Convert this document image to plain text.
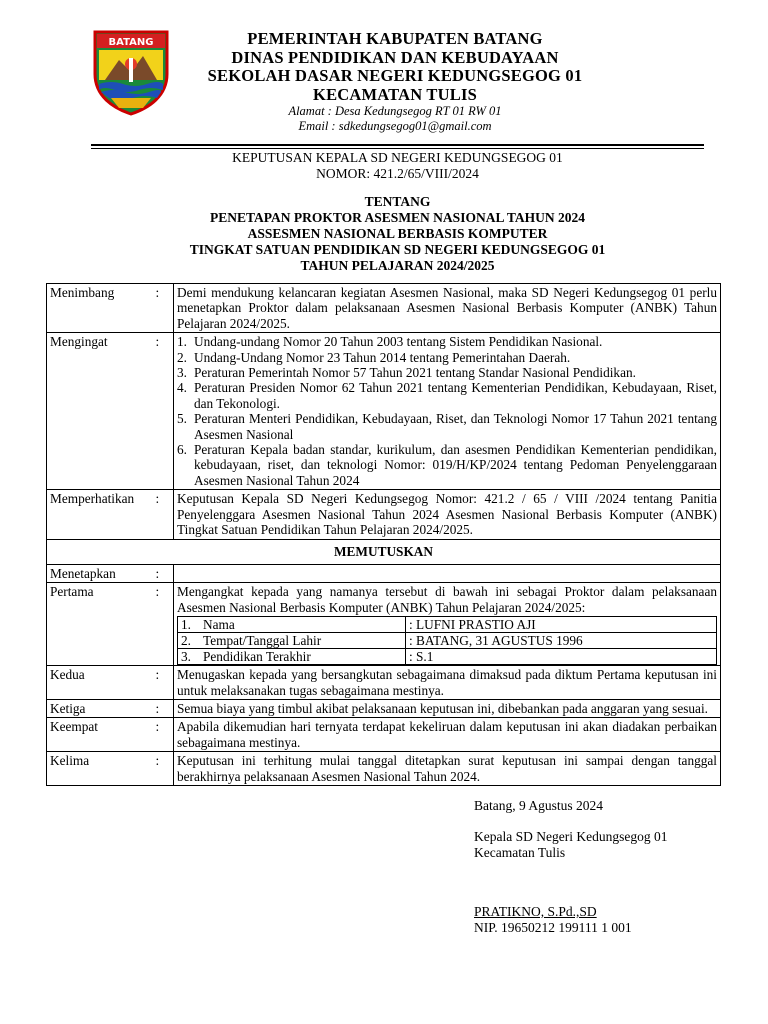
BATANG	PEMERINTAH KABUPATEN BATANG
DINAS PENDIDIKAN DAN KEBUDAYAAN
SEKOLAH DASAR NEGERI KEDUNGSEGOG 01
KECAMATAN TULIS
Alamat : Desa Kedungsegog RT 01 RW 01
Email : sdkedungsegog01@gmail.com
KEPUTUSAN KEPALA SD NEGERI KEDUNGSEGOG 01
NOMOR: 421.2/65/VIII/2024
TENTANG
PENETAPAN PROKTOR ASESMEN NASIONAL TAHUN 2024
ASSESMEN NASIONAL BERBASIS KOMPUTER
TINGKAT SATUAN PENDIDIKAN SD NEGERI KEDUNGSEGOG 01
TAHUN PELAJARAN 2024/2025
Menimbang	:	Demi mendukung kelancaran kegiatan Asesmen Nasional, maka SD Negeri Kedungsegog 01 perlu menetapkan Proktor dalam pelaksanaan Asesmen Nasional Berbasis Komputer (ANBK) Tahun Pelajaran 2024/2025.
Mengingat	:	1. Undang-undang Nomor 20 Tahun 2003 tentang Sistem Pendidikan Nasional.
2. Undang-Undang Nomor 23 Tahun 2014 tentang Pemerintahan Daerah.
3. Peraturan Pemerintah Nomor 57 Tahun 2021 tentang Standar Nasional Pendidikan.
4. Peraturan Presiden Nomor 62 Tahun 2021 tentang Kementerian Pendidikan, Kebudayaan, Riset, dan Tekonologi.
5. Peraturan Menteri Pendidikan, Kebudayaan, Riset, dan Teknologi Nomor 17 Tahun 2021 tentang Asesmen Nasional
6. Peraturan Kepala badan standar, kurikulum, dan asesmen Pendidikan Kementerian pendidikan, kebudayaan, riset, dan teknologi Nomor: 019/H/KP/2024 tentang Pedoman Penyelenggaraan Asesmen Nasional Tahun 2024

Memperhatikan	:	Keputusan Kepala SD Negeri Kedungsegog Nomor: 421.2 / 65 / VIII /2024 tentang Panitia Penyelenggara Asesmen Nasional Tahun 2024 Asesmen Nasional Berbasis Komputer (ANBK) Tingkat Satuan Pendidikan Tahun Pelajaran 2024/2025.
MEMUTUSKAN
Menetapkan	:	
Pertama	:	Mengangkat kepada yang namanya tersebut di bawah ini sebagai Proktor dalam pelaksanaan Asesmen Nasional Berbasis Komputer (ANBK) Tahun Pelajaran 2024/2025:
1. Nama	: LUFNI PRASTIO AJI
2. Tempat/Tanggal Lahir	: BATANG, 31 AGUSTUS 1996
3. Pendidikan Terakhir	: S.1

Kedua	:	Menugaskan kepada yang bersangkutan sebagaimana dimaksud pada diktum Pertama keputusan ini untuk melaksanakan tugas sebagaimana mestinya.
Ketiga	:	Semua biaya yang timbul akibat pelaksanaan keputusan ini, dibebankan pada anggaran yang sesuai.
Keempat	:	Apabila dikemudian hari ternyata terdapat kekeliruan dalam keputusan ini akan diadakan perbaikan sebagaimana mestinya.
Kelima	:	Keputusan ini terhitung mulai tanggal ditetapkan surat keputusan ini sampai dengan tanggal berakhirnya pelaksanaan Asesmen Nasional Tahun 2024.
Batang, 9 Agustus 2024
Kepala SD Negeri Kedungsegog 01
Kecamatan Tulis
PRATIKNO, S.Pd.,SD
NIP. 19650212 199111 1 001
